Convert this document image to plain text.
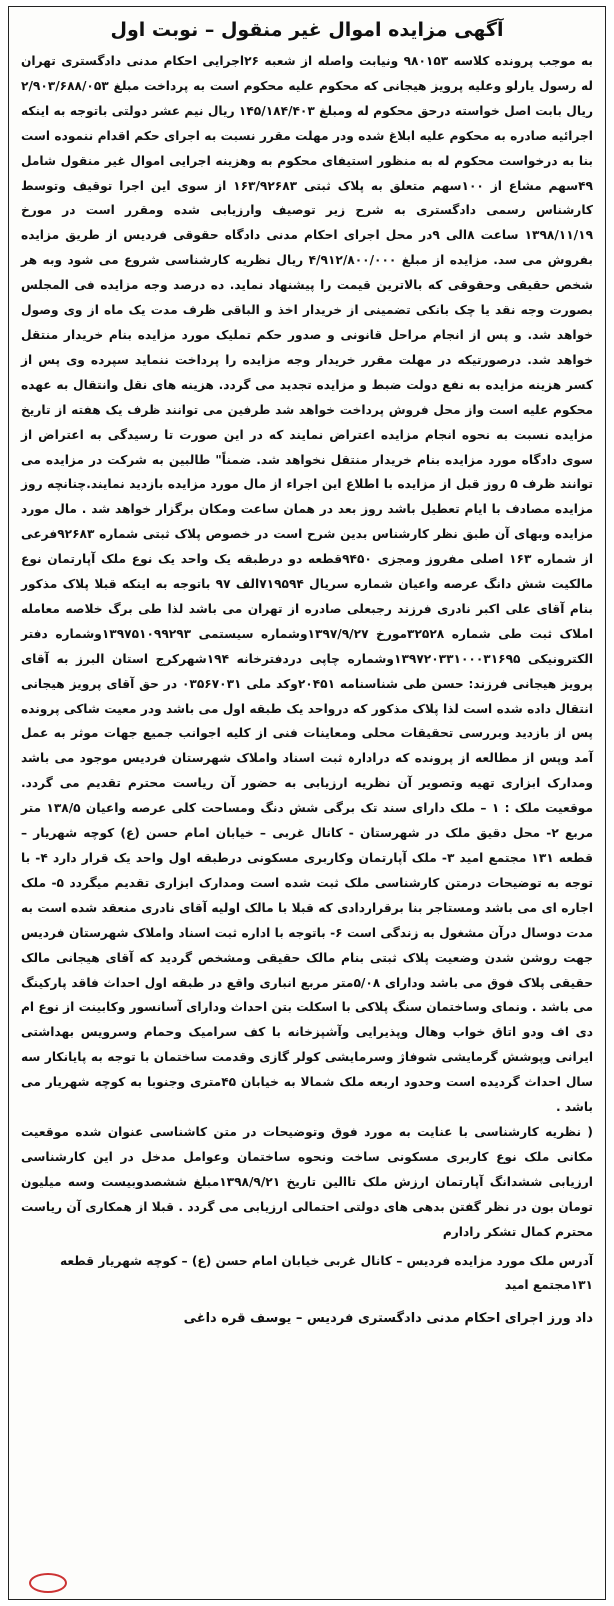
آگهی مزایده اموال غیر منقول – نوبت اول

به موجب پرونده کلاسه ۹۸۰۱۵۳ ونیابت واصله از شعبه ۲۶اجرایی احکام مدنی دادگستری تهران له رسول یارلو وعلیه پرویز هیجانی که محکوم علیه محکوم است به پرداخت مبلغ ۲/۹۰۳/۶۸۸/۰۵۳ ریال بابت اصل خواسته درحق محکوم له ومبلغ ۱۴۵/۱۸۴/۴۰۳ ریال نیم عشر دولتی باتوجه به اینکه اجرائیه صادره به محکوم علیه ابلاغ شده ودر مهلت مقرر نسبت به اجرای حکم اقدام ننموده است بنا به درخواست محکوم له به منظور استیفای محکوم به وهزینه اجرایی اموال غیر منقول شامل ۴۹سهم مشاع از ۱۰۰سهم متعلق به پلاک ثبتی ۱۶۳/۹۲۶۸۳ از سوی این اجرا توقیف وتوسط کارشناس رسمی دادگستری به شرح زیر توصیف وارزیابی شده ومقرر است در مورخ ۱۳۹۸/۱۱/۱۹ ساعت ۸الی ۹در محل اجرای احکام مدنی دادگاه حقوقی فردیس از طریق مزایده بفروش می سد. مزایده از مبلغ ۴/۹۱۲/۸۰۰/۰۰۰ ریال نظریه کارشناسی شروع می شود وبه هر شخص حقیقی وحقوقی که بالاترین قیمت را پیشنهاد نماید. ده درصد وجه مزایده فی المجلس بصورت وجه نقد یا چک بانکی تضمینی از خریدار اخذ و الباقی ظرف مدت یک ماه از وی وصول خواهد شد. و پس از انجام مراحل قانونی و صدور حکم تملیک مورد مزایده بنام خریدار منتقل خواهد شد. درصورتیکه در مهلت مقرر خریدار وجه مزایده را پرداخت ننماید سپرده وی پس از کسر هزینه مزایده به نفع دولت ضبط و مزایده تجدید می گردد. هزینه های نقل وانتقال به عهده محکوم علیه است واز محل فروش پرداخت خواهد شد طرفین می توانند ظرف یک هفته از تاریخ مزایده نسبت به نحوه انجام مزایده اعتراض نمایند که در این صورت تا رسیدگی به اعتراض از سوی دادگاه مورد مزایده بنام خریدار منتقل نخواهد شد. ضمناً" طالبین به شرکت در مزایده می توانند ظرف ۵ روز قبل از مزایده با اطلاع این اجراء از مال مورد مزایده بازدید نمایند.چنانچه روز مزایده مصادف با ایام تعطیل باشد روز بعد در همان ساعت ومکان برگزار خواهد شد . مال مورد مزایده وبهای آن طبق نظر کارشناس بدین شرح است در خصوص پلاک ثبتی شماره ۹۲۶۸۳فرعی از شماره ۱۶۳ اصلی مفروز ومجزی ۹۴۵۰قطعه دو درطبقه یک واحد یک نوع ملک آپارتمان نوع مالکیت شش دانگ عرصه واعیان شماره سریال ۷۱۹۵۹۴الف ۹۷ باتوجه به اینکه قبلا پلاک مذکور بنام آقای علی اکبر نادری فرزند رجبعلی صادره از تهران می باشد لذا طی برگ خلاصه معامله املاک ثبت طی شماره ۳۲۵۲۸مورخ ۱۳۹۷/۹/۲۷وشماره سیستمی ۱۳۹۷۵۱۰۹۹۲۹۳وشماره دفتر الکترونیکی ۱۳۹۷۲۰۳۳۱۰۰۰۳۱۶۹۵وشماره چاپی دردفترخانه ۱۹۴شهرکرج استان البرز به آقای پرویز هیجانی فرزند: حسن طی شناسنامه ۲۰۴۵۱وکد ملی ۰۳۵۶۷۰۳۱ در حق آقای پرویز هیجانی انتقال داده شده است لذا پلاک مذکور که درواحد یک طبقه اول می باشد ودر معیت شاکی پرونده پس از بازدید وبررسی تحقیقات محلی ومعاینات فنی از کلیه اجوانب جمیع جهات موثر به عمل آمد وپس از مطالعه از پرونده که درادارہ ثبت اسناد واملاک شهرستان فردیس موجود می باشد ومدارک ابزاری تهیه وتصویر آن نظریه ارزیابی به حضور آن ریاست محترم تقدیم می گردد. موقعیت ملک : ۱ – ملک دارای سند تک برگی شش دنگ ومساحت کلی عرصه واعیان ۱۳۸/۵ متر مربع ۲- محل دقیق ملک در شهرستان - کانال غربی – خیابان امام حسن (ع) کوچه شهریار – قطعه ۱۳۱ مجتمع امید ۳- ملک آپارتمان وکاربری مسکونی درطبقه اول واحد یک قرار دارد ۴- با توجه به توضیحات درمتن کارشناسی ملک ثبت شده است ومدارک ابزاری تقدیم میگردد ۵- ملک اجاره ای می باشد ومستاجر بنا برقراردادی که قبلا با مالک اولیه آقای نادری منعقد شده است به مدت دوسال درآن مشغول به زندگی است ۶- باتوجه با اداره ثبت اسناد واملاک شهرستان فردیس جهت روشن شدن وضعیت پلاک ثبتی بنام مالک حقیقی ومشخص گردید که آقای هیجانی مالک حقیقی پلاک فوق می باشد ودارای ۵/۰۸متر مربع انباری واقع در طبقه اول احداث فاقد پارکینگ می باشد . ونمای وساختمان سنگ پلاکی با اسکلت بتن احداث ودارای آسانسور وکابینت از نوع ام دی اف ودو اتاق خواب وهال وپذیرایی وآشپزخانه با کف سرامیک وحمام وسرویس بهداشتی ایرانی وپوشش گرمایشی شوفاژ وسرمایشی کولر گازی وقدمت ساختمان با توجه به پایانکار سه سال احداث گردیده است وحدود اربعه ملک شمالا به خیابان ۴۵متری وجنوبا به کوچه شهریار می باشد .

( نظریه کارشناسی با عنایت به مورد فوق وتوضیحات در متن کاشناسی عنوان شده موقعیت مکانی ملک نوع کاربری مسکونی ساخت ونحوه ساختمان وعوامل مدخل در این کارشناسی ارزیابی ششدانگ آپارتمان ارزش ملک تاالین تاریخ ۱۳۹۸/۹/۲۱مبلغ ششصدوبیست وسه میلیون تومان بون در نظر گفتن بدهی های دولتی احتمالی ارزیابی می گردد . قبلا از همکاری آن ریاست محترم کمال تشکر رادارم

آدرس ملک مورد مزایده فردیس – کانال غربی خیابان امام حسن (ع) – کوچه شهریار قطعه ۱۳۱مجتمع امید
داد ورز اجرای احکام مدنی دادگستری فردیس – یوسف قره داغی
